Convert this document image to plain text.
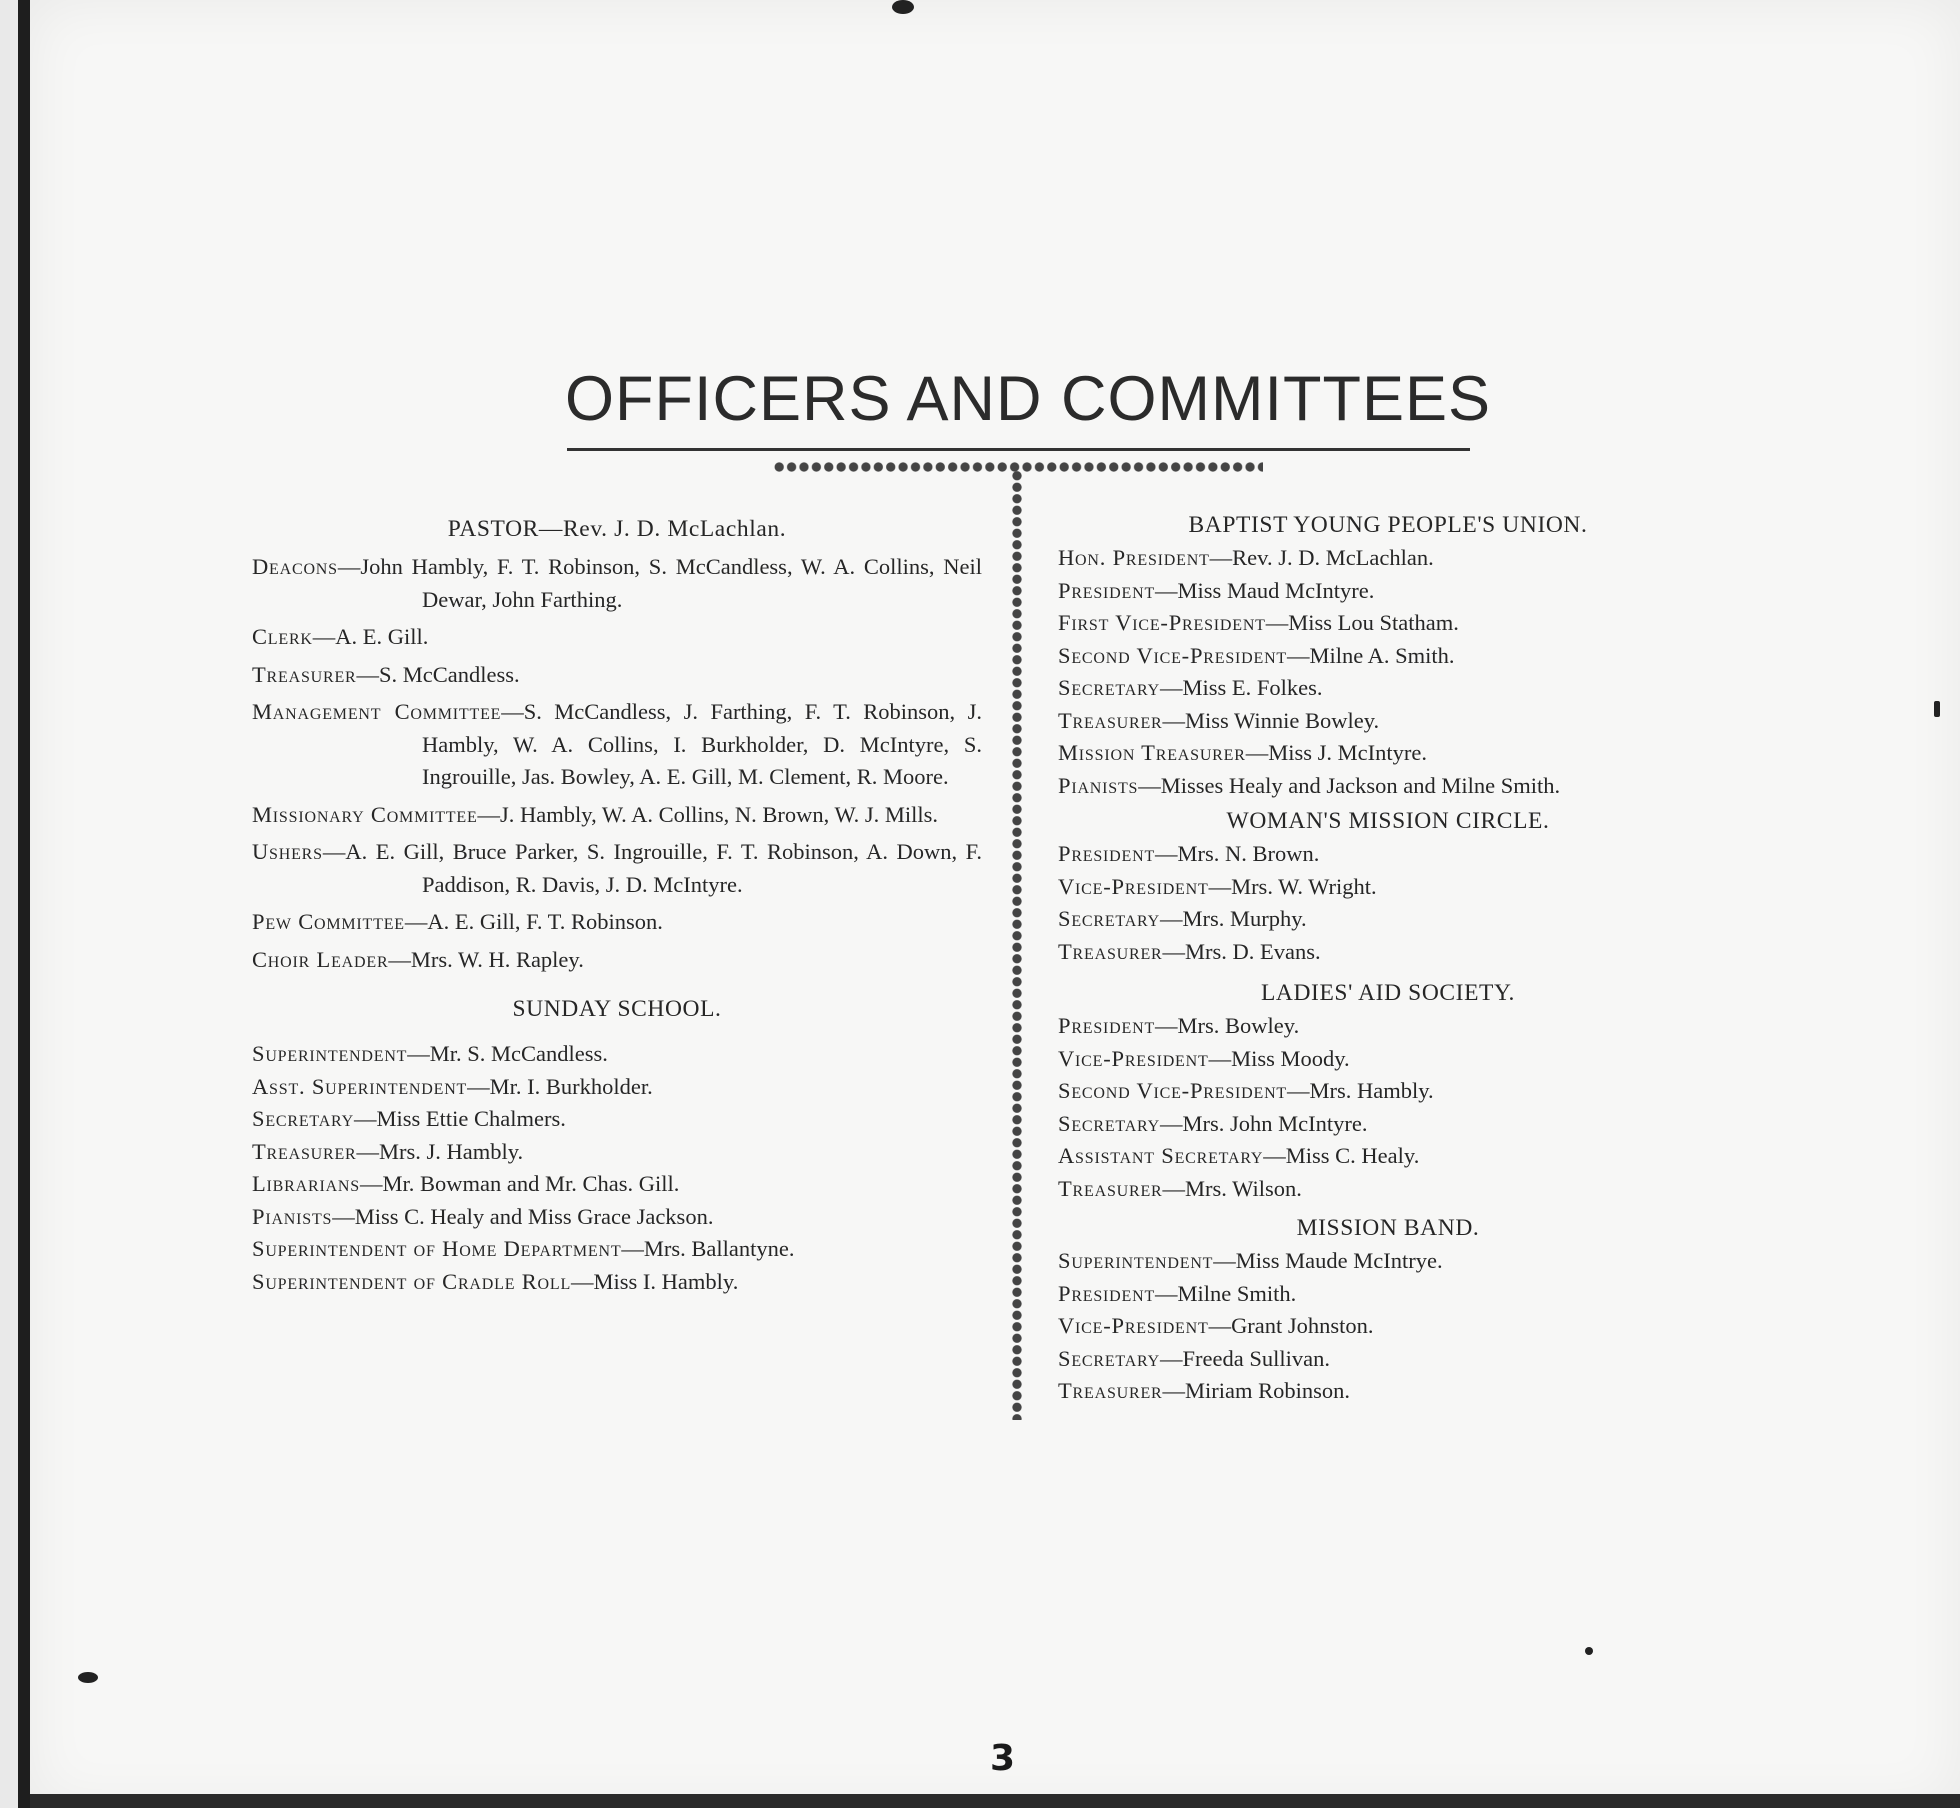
OFFICERS AND COMMITTEES
PASTOR—Rev. J. D. McLachlan.
Deacons—John Hambly, F. T. Robinson, S. McCandless, W. A. Collins, Neil Dewar, John Farthing.
Clerk—A. E. Gill.
Treasurer—S. McCandless.
Management Committee—S. McCandless, J. Farthing, F. T. Robinson, J. Hambly, W. A. Collins, I. Burkholder, D. McIntyre, S. Ingrouille, Jas. Bowley, A. E. Gill, M. Clement, R. Moore.
Missionary Committee—J. Hambly, W. A. Collins, N. Brown, W. J. Mills.
Ushers—A. E. Gill, Bruce Parker, S. Ingrouille, F. T. Robinson, A. Down, F. Paddison, R. Davis, J. D. McIntyre.
Pew Committee—A. E. Gill, F. T. Robinson.
Choir Leader—Mrs. W. H. Rapley.
SUNDAY SCHOOL.
Superintendent—Mr. S. McCandless.
Asst. Superintendent—Mr. I. Burkholder.
Secretary—Miss Ettie Chalmers.
Treasurer—Mrs. J. Hambly.
Librarians—Mr. Bowman and Mr. Chas. Gill.
Pianists—Miss C. Healy and Miss Grace Jackson.
Superintendent of Home Department—Mrs. Ballantyne.
Superintendent of Cradle Roll—Miss I. Hambly.
BAPTIST YOUNG PEOPLE'S UNION.
Hon. President—Rev. J. D. McLachlan.
President—Miss Maud McIntyre.
First Vice-President—Miss Lou Statham.
Second Vice-President—Milne A. Smith.
Secretary—Miss E. Folkes.
Treasurer—Miss Winnie Bowley.
Mission Treasurer—Miss J. McIntyre.
Pianists—Misses Healy and Jackson and Milne Smith.
WOMAN'S MISSION CIRCLE.
President—Mrs. N. Brown.
Vice-President—Mrs. W. Wright.
Secretary—Mrs. Murphy.
Treasurer—Mrs. D. Evans.
LADIES' AID SOCIETY.
President—Mrs. Bowley.
Vice-President—Miss Moody.
Second Vice-President—Mrs. Hambly.
Secretary—Mrs. John McIntyre.
Assistant Secretary—Miss C. Healy.
Treasurer—Mrs. Wilson.
MISSION BAND.
Superintendent—Miss Maude McIntrye.
President—Milne Smith.
Vice-President—Grant Johnston.
Secretary—Freeda Sullivan.
Treasurer—Miriam Robinson.
3
